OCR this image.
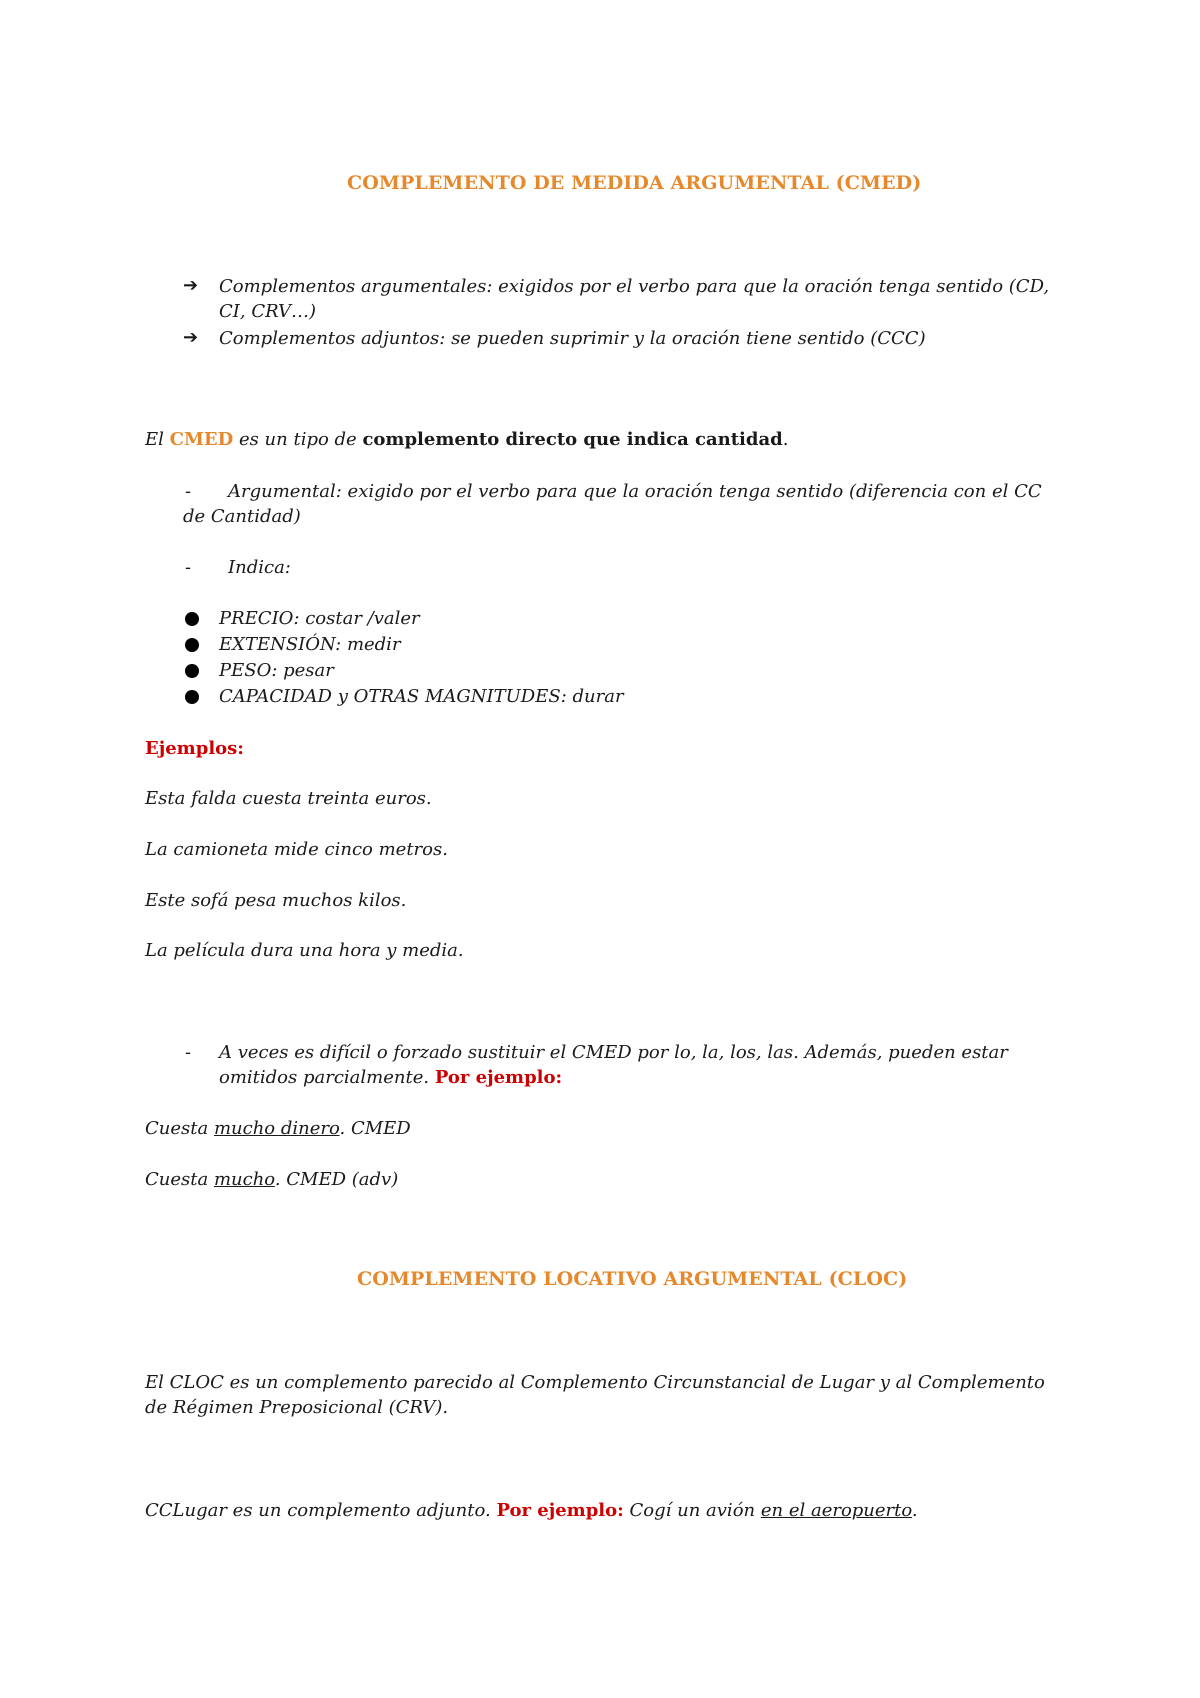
COMPLEMENTO DE MEDIDA ARGUMENTAL (CMED)
➔ Complementos argumentales: exigidos por el verbo para que la oración tenga sentido (CD,
CI, CRV…)
➔ Complementos adjuntos: se pueden suprimir y la oración tiene sentido (CCC)
El CMED es un tipo de complemento directo que indica cantidad.
- Argumental: exigido por el verbo para que la oración tenga sentido (diferencia con el CC
de Cantidad)
- Indica:
PRECIO: costar /valer
EXTENSIÓN: medir
PESO: pesar
CAPACIDAD y OTRAS MAGNITUDES: durar
Ejemplos:
Esta falda cuesta treinta euros.
La camioneta mide cinco metros.
Este sofá pesa muchos kilos.
La película dura una hora y media.
- A veces es difícil o forzado sustituir el CMED por lo, la, los, las. Además, pueden estar
omitidos parcialmente. Por ejemplo:
Cuesta mucho dinero. CMED
Cuesta mucho. CMED (adv)
COMPLEMENTO LOCATIVO ARGUMENTAL (CLOC)
El CLOC es un complemento parecido al Complemento Circunstancial de Lugar y al Complemento
de Régimen Preposicional (CRV).
CCLugar es un complemento adjunto. Por ejemplo: Cogí un avión en el aeropuerto.
